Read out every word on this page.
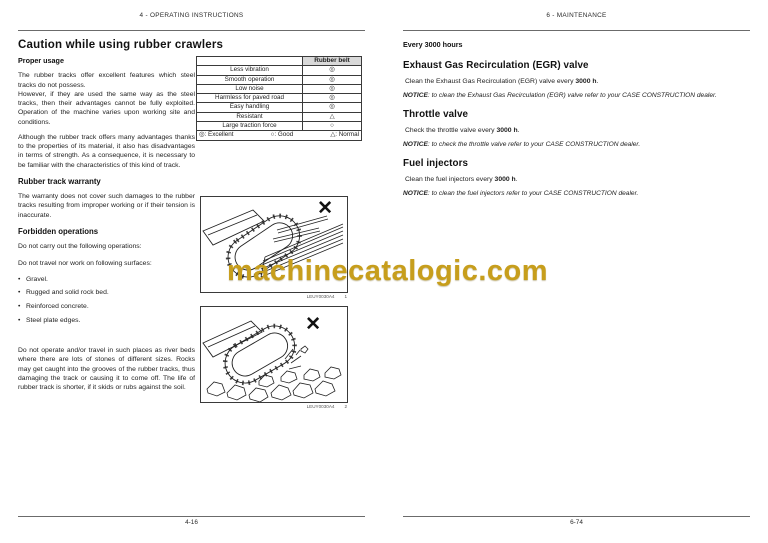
4 - OPERATING INSTRUCTIONS
Caution while using rubber crawlers
Proper usage

The rubber tracks offer excellent features which steel tracks do not possess.

However, if they are used the same way as the steel tracks, then their advantages cannot be fully exploited. Operation of the machine varies upon working site and conditions.

Although the rubber track offers many advantages thanks to the properties of its material, it also has disadvantages in terms of strength. As a consequence, it is necessary to be familiar with the characteristics of this kind of track.

Rubber track warranty

The warranty does not cover such damages to the rubber tracks resulting from improper working or if their tension is inaccurate.

Forbidden operations

Do not carry out the following operations:

Do not travel nor work on following surfaces:

• Gravel.
• Rugged and solid rock bed.
• Reinforced concrete.
• Steel plate edges.

Do not operate and/or travel in such places as river beds where there are lots of stones of different sizes. Rocks may get caught into the grooves of the rubber tracks, thus damaging the track or causing it to come off. The life of rubber track is shorter, if it skids or rubs against the soil.

	Rubber belt
Less vibration	◎
Smooth operation	◎
Low noise	◎
Harmless for paved road	◎
Easy handling	◎
Resistant	△
Large traction force	○

◎: Excellent ○: Good △: Normal	
✕
LEUY0030A4 1
✕
LEUY0030A4 2
4-16
6 - MAINTENANCE
Every 3000 hours
Exhaust Gas Recirculation (EGR) valve

Clean the Exhaust Gas Recirculation (EGR) valve every 3000 h.

NOTICE: to clean the Exhaust Gas Recirculation (EGR) valve refer to your CASE CONSTRUCTION dealer.

Throttle valve

Check the throttle valve every 3000 h.

NOTICE: to check the throttle valve refer to your CASE CONSTRUCTION dealer.

Fuel injectors

Clean the fuel injectors every 3000 h.

NOTICE: to clean the fuel injectors refer to your CASE CONSTRUCTION dealer.

6-74
machinecatalogic.com
